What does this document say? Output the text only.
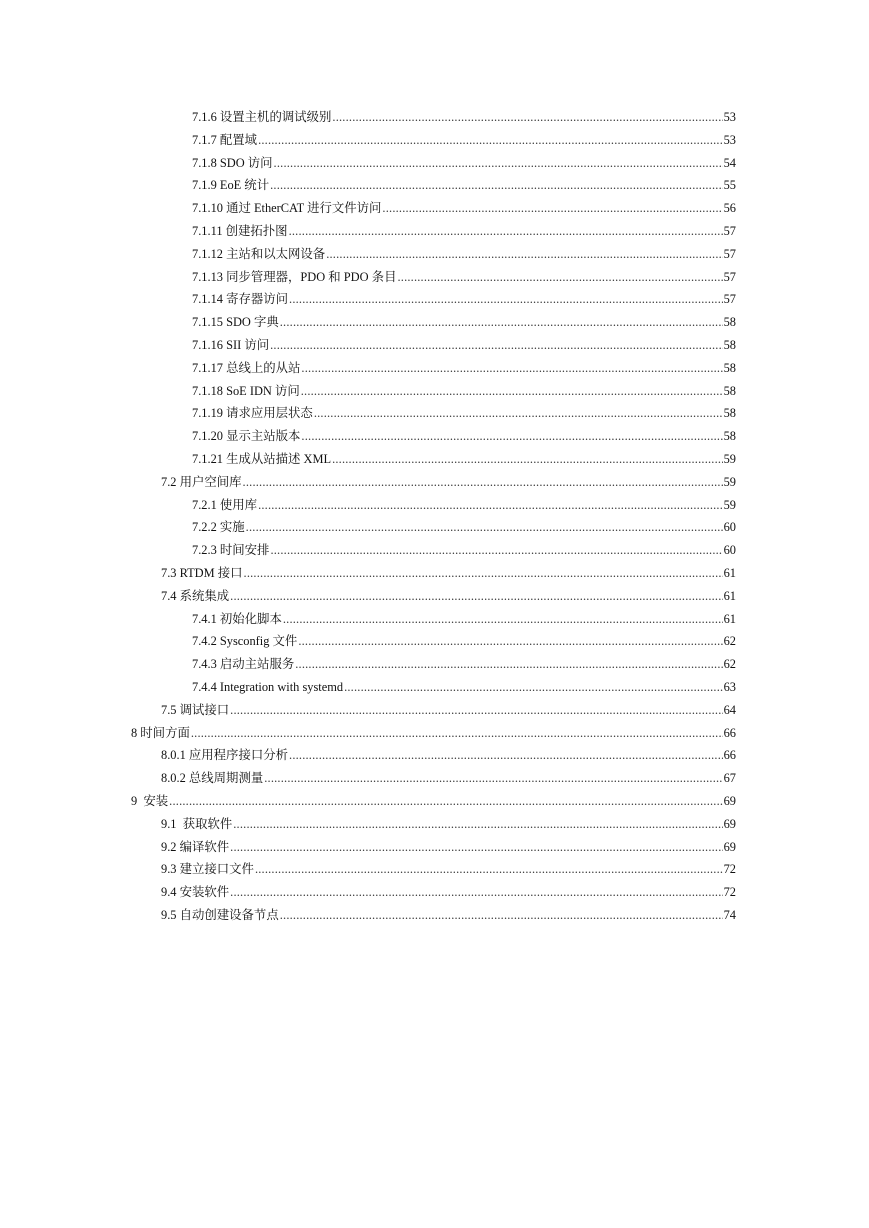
7.1.6 设置主机的调试级别 .....	53
7.1.7 配置域 .....	53
7.1.8 SDO 访问 .....	54
7.1.9 EoE 统计 .....	55
7.1.10 通过 EtherCAT 进行文件访问 .....	56
7.1.11 创建拓扑图 .....	57
7.1.12 主站和以太网设备 .....	57
7.1.13 同步管理器，PDO 和 PDO 条目 .....	57
7.1.14 寄存器访问 .....	57
7.1.15 SDO 字典 .....	58
7.1.16 SII 访问 .....	58
7.1.17 总线上的从站 .....	58
7.1.18 SoE IDN 访问 .....	58
7.1.19 请求应用层状态 .....	58
7.1.20 显示主站版本 .....	58
7.1.21 生成从站描述 XML .....	59
7.2 用户空间库 .....	59
7.2.1 使用库 .....	59
7.2.2 实施 .....	60
7.2.3 时间安排 .....	60
7.3 RTDM 接口 .....	61
7.4 系统集成 .....	61
7.4.1 初始化脚本 .....	61
7.4.2 Sysconfig 文件 .....	62
7.4.3 启动主站服务 .....	62
7.4.4 Integration with systemd .....	63
7.5 调试接口 .....	64
8 时间方面 .....	66
8.0.1 应用程序接口分析 .....	66
8.0.2 总线周期测量 .....	67
9  安装 .....	69
9.1  获取软件 .....	69
9.2 编译软件 .....	69
9.3 建立接口文件 .....	72
9.4 安装软件 .....	72
9.5 自动创建设备节点 .....	74
